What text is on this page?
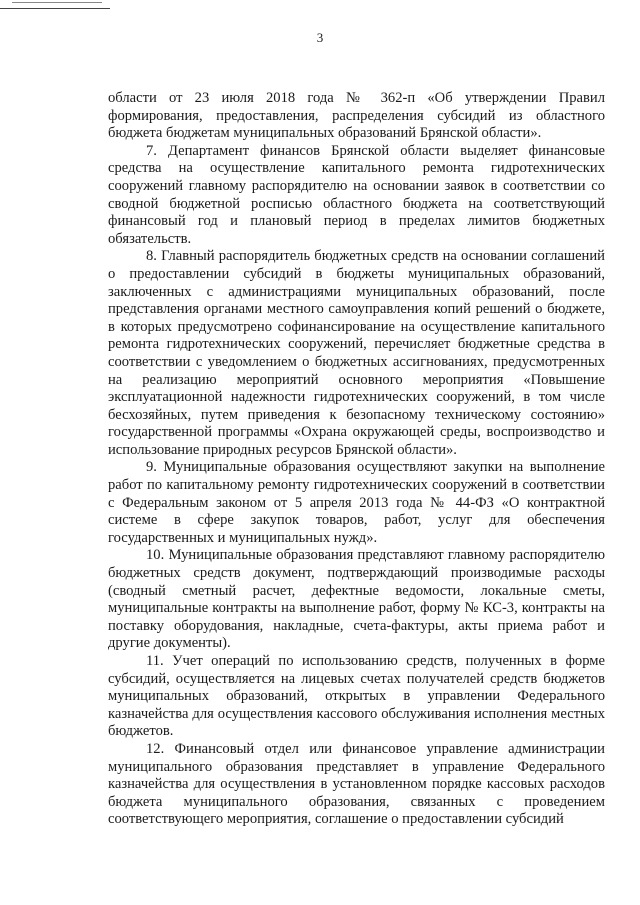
3

области от 23 июля 2018 года № 362-п «Об утверждении Правил формирования, предоставления, распределения субсидий из областного бюджета бюджетам муниципальных образований Брянской области».

7. Департамент финансов Брянской области выделяет финансовые средства на осуществление капитального ремонта гидротехнических сооружений главному распорядителю на основании заявок в соответствии со сводной бюджетной росписью областного бюджета на соответствующий финансовый год и плановый период в пределах лимитов бюджетных обязательств.

8. Главный распорядитель бюджетных средств на основании соглашений о предоставлении субсидий в бюджеты муниципальных образований, заключенных с администрациями муниципальных образований, после представления органами местного самоуправления копий решений о бюджете, в которых предусмотрено софинансирование на осуществление капитального ремонта гидротехнических сооружений, перечисляет бюджетные средства в соответствии с уведомлением о бюджетных ассигнованиях, предусмотренных на реализацию мероприятий основного мероприятия «Повышение эксплуатационной надежности гидротехнических сооружений, в том числе бесхозяйных, путем приведения к безопасному техническому состоянию» государственной программы «Охрана окружающей среды, воспроизводство и использование природных ресурсов Брянской области».

9. Муниципальные образования осуществляют закупки на выполнение работ по капитальному ремонту гидротехнических сооружений в соответствии с Федеральным законом от 5 апреля 2013 года № 44-ФЗ «О контрактной системе в сфере закупок товаров, работ, услуг для обеспечения государственных и муниципальных нужд».

10. Муниципальные образования представляют главному распорядителю бюджетных средств документ, подтверждающий производимые расходы (сводный сметный расчет, дефектные ведомости, локальные сметы, муниципальные контракты на выполнение работ, форму № КС-3, контракты на поставку оборудования, накладные, счета-фактуры, акты приема работ и другие документы).

11. Учет операций по использованию средств, полученных в форме субсидий, осуществляется на лицевых счетах получателей средств бюджетов муниципальных образований, открытых в управлении Федерального казначейства для осуществления кассового обслуживания исполнения местных бюджетов.

12. Финансовый отдел или финансовое управление администрации муниципального образования представляет в управление Федерального казначейства для осуществления в установленном порядке кассовых расходов бюджета муниципального образования, связанных с проведением соответствующего мероприятия, соглашение о предоставлении субсидий
